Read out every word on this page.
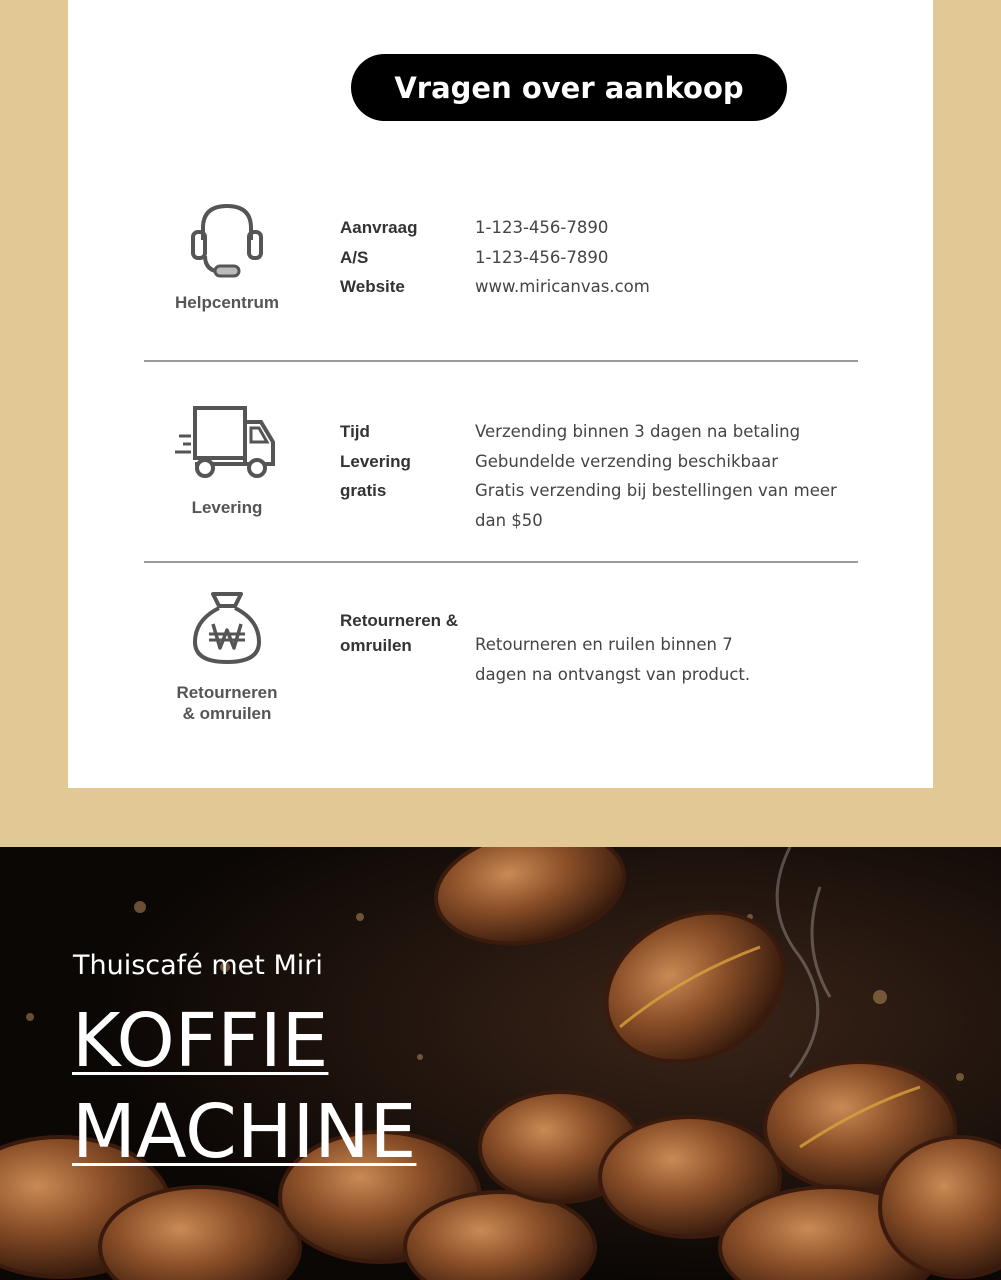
Vragen over aankoop
Helpcentrum
Aanvraag
A/S
Website
1-123-456-7890
1-123-456-7890
www.miricanvas.com
Levering
Tijd
Levering
gratis
Verzending binnen 3 dagen na betaling
Gebundelde verzending beschikbaar
Gratis verzending bij bestellingen van meer dan $50
Retourneren
& omruilen
Retourneren &
omruilen	Retourneren en ruilen binnen 7
dagen na ontvangst van product.
Thuiscafé met Miri
KOFFIE
MACHINE
